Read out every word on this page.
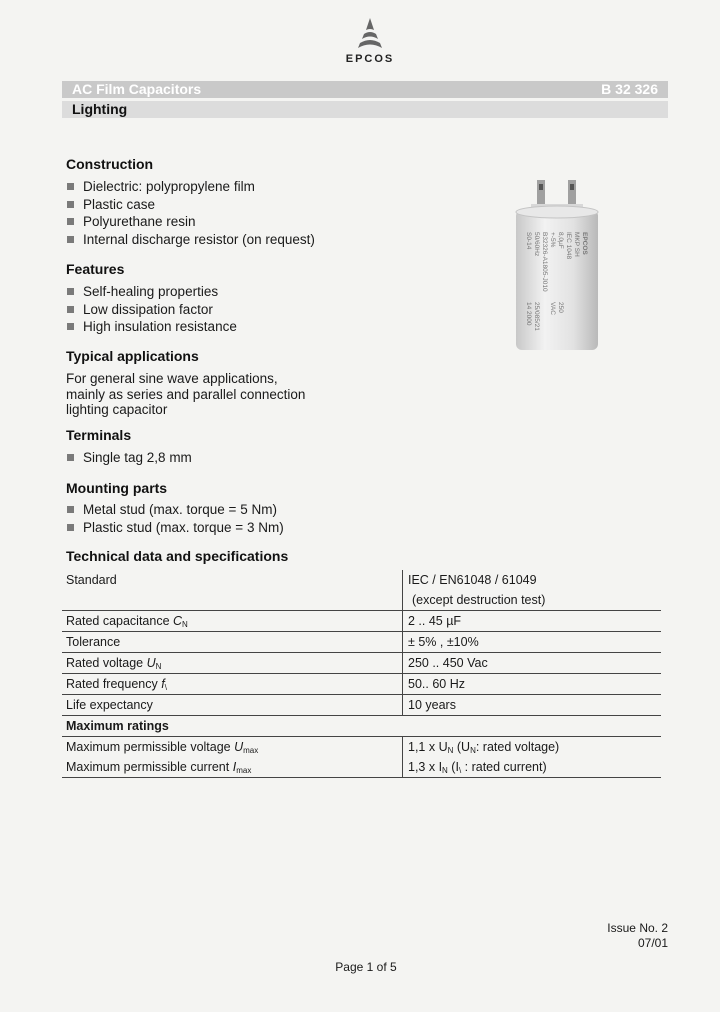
EPCOS
AC Film Capacitors	B 32 326
Lighting
Construction
Dielectric: polypropylene film
Plastic case
Polyurethane resin
Internal discharge resistor (on request)
Features
Self-healing properties
Low dissipation factor
High insulation resistance
Typical applications
For general sine wave applications,
mainly as series and parallel connection
lighting capacitor
Terminals
Single tag 2,8 mm
Mounting parts
Metal stud (max. torque = 5 Nm)
Plastic stud (max. torque = 3 Nm)
EPCOS
MKP SH
IEC 1048
8,0µF
+-5%
B32326-A1805-J010
50/60Hz
S0-14
250
VAC
25/085/21
14 2000
Technical data and specifications
Standard	IEC / EN61048 / 61049
(except destruction test)
Rated capacitance $C_N$	2 .. 45 µF
Tolerance	± 5% , ±10%
Rated voltage $U_N$	250 .. 450 Vac
Rated frequency $f_\backslash$	50.. 60 Hz
Life expectancy	10 years
Maximum ratings
Maximum permissible voltage $U_{max}$	1,1 x $U_N$ ($U_N$: rated voltage)
Maximum permissible current $I_{max}$	1,3 x $I_N$ ($I_\backslash$ : rated current)
Issue No. 2
07/01
Page 1 of 5
